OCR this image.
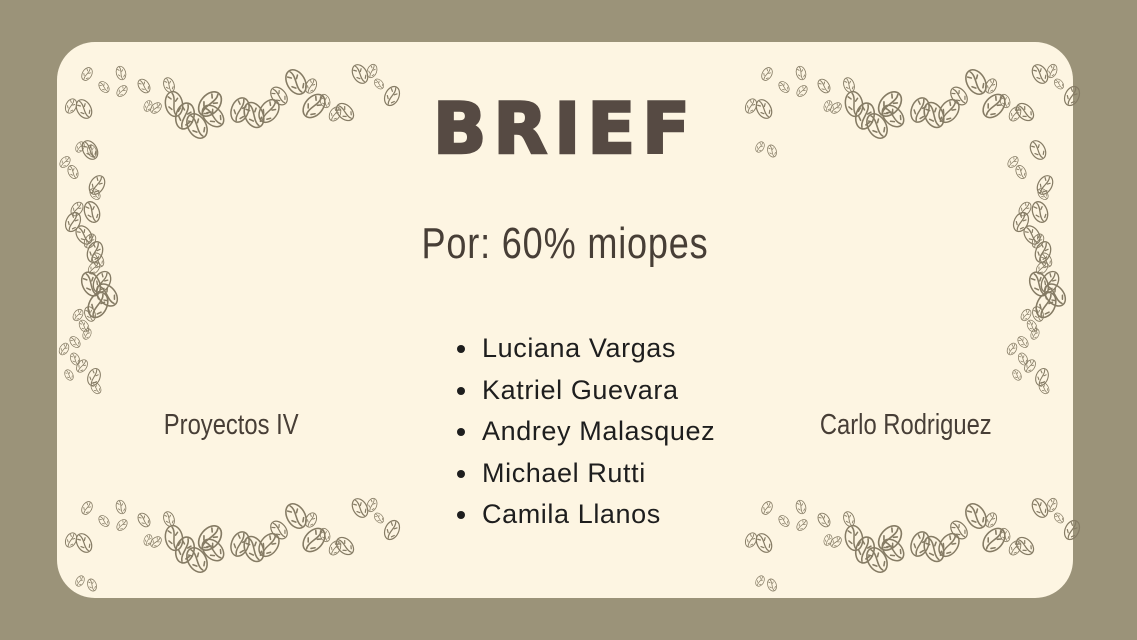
BRIEF
Por: 60% miopes
Luciana Vargas
Katriel Guevara
Andrey Malasquez
Michael Rutti
Camila Llanos
Proyectos IV	Carlo Rodriguez
